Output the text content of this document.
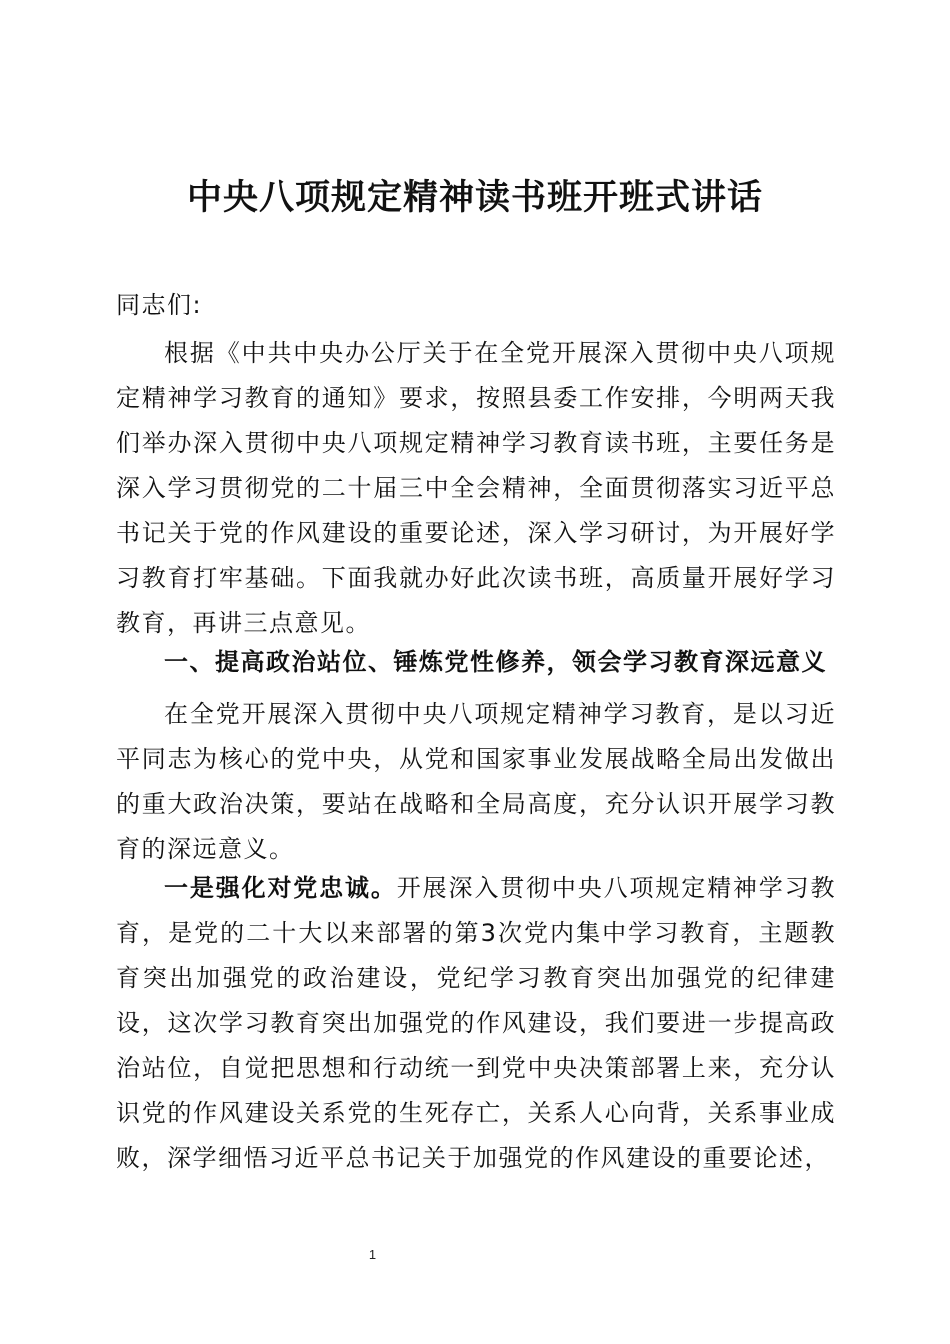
中央八项规定精神读书班开班式讲话
同志们:

根据《中共中央办公厅关于在全党开展深入贯彻中央八项规定精神学习教育的通知》要求，按照县委工作安排，今明两天我们举办深入贯彻中央八项规定精神学习教育读书班，主要任务是深入学习贯彻党的二十届三中全会精神，全面贯彻落实习近平总书记关于党的作风建设的重要论述，深入学习研讨，为开展好学习教育打牢基础。下面我就办好此次读书班，高质量开展好学习教育，再讲三点意见。

一、提高政治站位、锤炼党性修养，领会学习教育深远意义

在全党开展深入贯彻中央八项规定精神学习教育，是以习近平同志为核心的党中央，从党和国家事业发展战略全局出发做出的重大政治决策，要站在战略和全局高度，充分认识开展学习教育的深远意义。

一是强化对党忠诚。开展深入贯彻中央八项规定精神学习教育，是党的二十大以来部署的第3次党内集中学习教育，主题教育突出加强党的政治建设，党纪学习教育突出加强党的纪律建设，这次学习教育突出加强党的作风建设，我们要进一步提高政治站位，自觉把思想和行动统一到党中央决策部署上来，充分认识党的作风建设关系党的生死存亡，关系人心向背，关系事业成败，深学细悟习近平总书记关于加强党的作风建设的重要论述，

1
